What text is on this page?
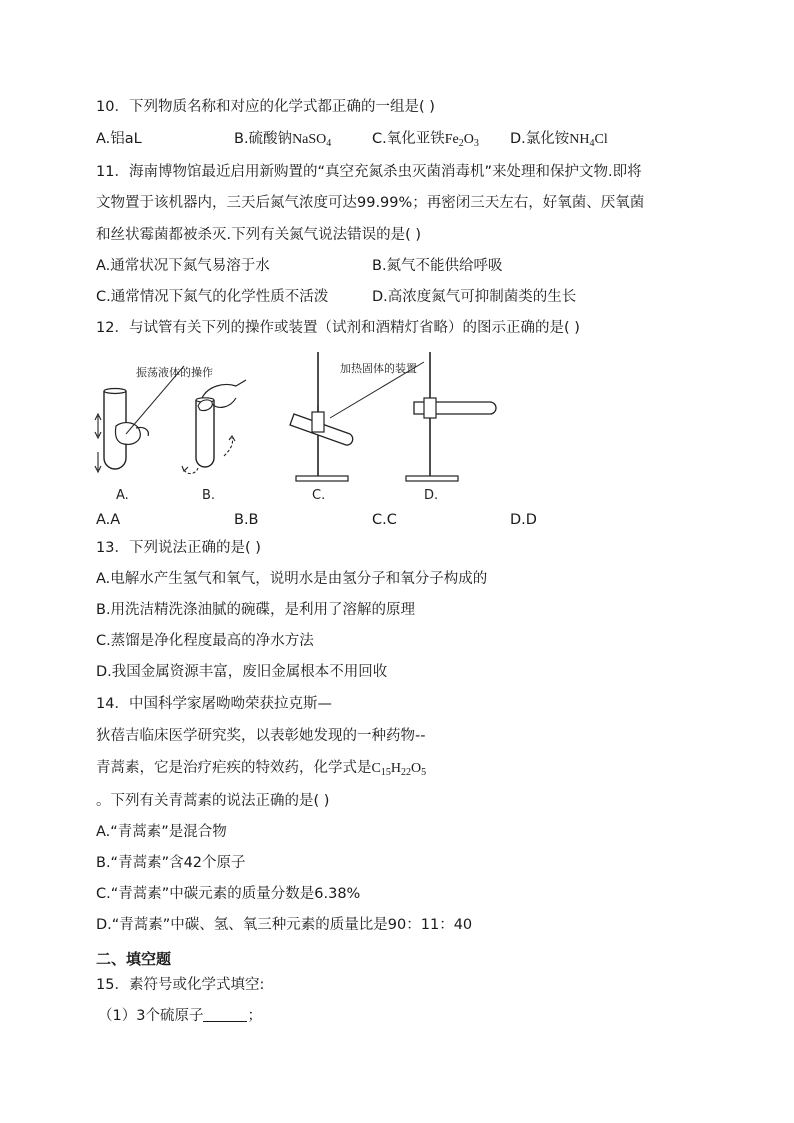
10．下列物质名称和对应的化学式都正确的一组是( )
A.铝aL	B.硫酸钠NaSO$_4$	C.氧化亚铁$Fe_2O_3$ D.氯化铵$NH_4Cl$
11．海南博物馆最近启用新购置的“真空充氮杀虫灭菌消毒机”来处理和保护文物.即将
文物置于该机器内，三天后氮气浓度可达99.99%；再密闭三天左右，好氧菌、厌氧菌
和丝状霉菌都被杀灭.下列有关氮气说法错误的是( )
A.通常状况下氮气易溶于水	B.氮气不能供给呼吸
C.通常情况下氮气的化学性质不活泼	D.高浓度氮气可抑制菌类的生长
12．与试管有关下列的操作或装置（试剂和酒精灯省略）的图示正确的是( )
振荡液体的操作
A.	B.	C.
加热固体的装置
D.
A.A	B.B	C.C	D.D
13．下列说法正确的是( )
A.电解水产生氢气和氧气，说明水是由氢分子和氧分子构成的
B.用洗洁精洗涤油腻的碗碟，是利用了溶解的原理
C.蒸馏是净化程度最高的净水方法
D.我国金属资源丰富，废旧金属根本不用回收
14．中国科学家屠呦呦荣获拉克斯—
狄蓓吉临床医学研究奖，以表彰她发现的一种药物--
青蒿素，它是治疗疟疾的特效药，化学式是$C_{15}H_{22}O_5$
。下列有关青蒿素的说法正确的是( )
A.“青蒿素”是混合物
B.“青蒿素”含42个原子
C.“青蒿素”中碳元素的质量分数是6.38%
D.“青蒿素”中碳、氢、氧三种元素的质量比是90：11：40
二、填空题
15．素符号或化学式填空:
（1）3个硫原子	；
